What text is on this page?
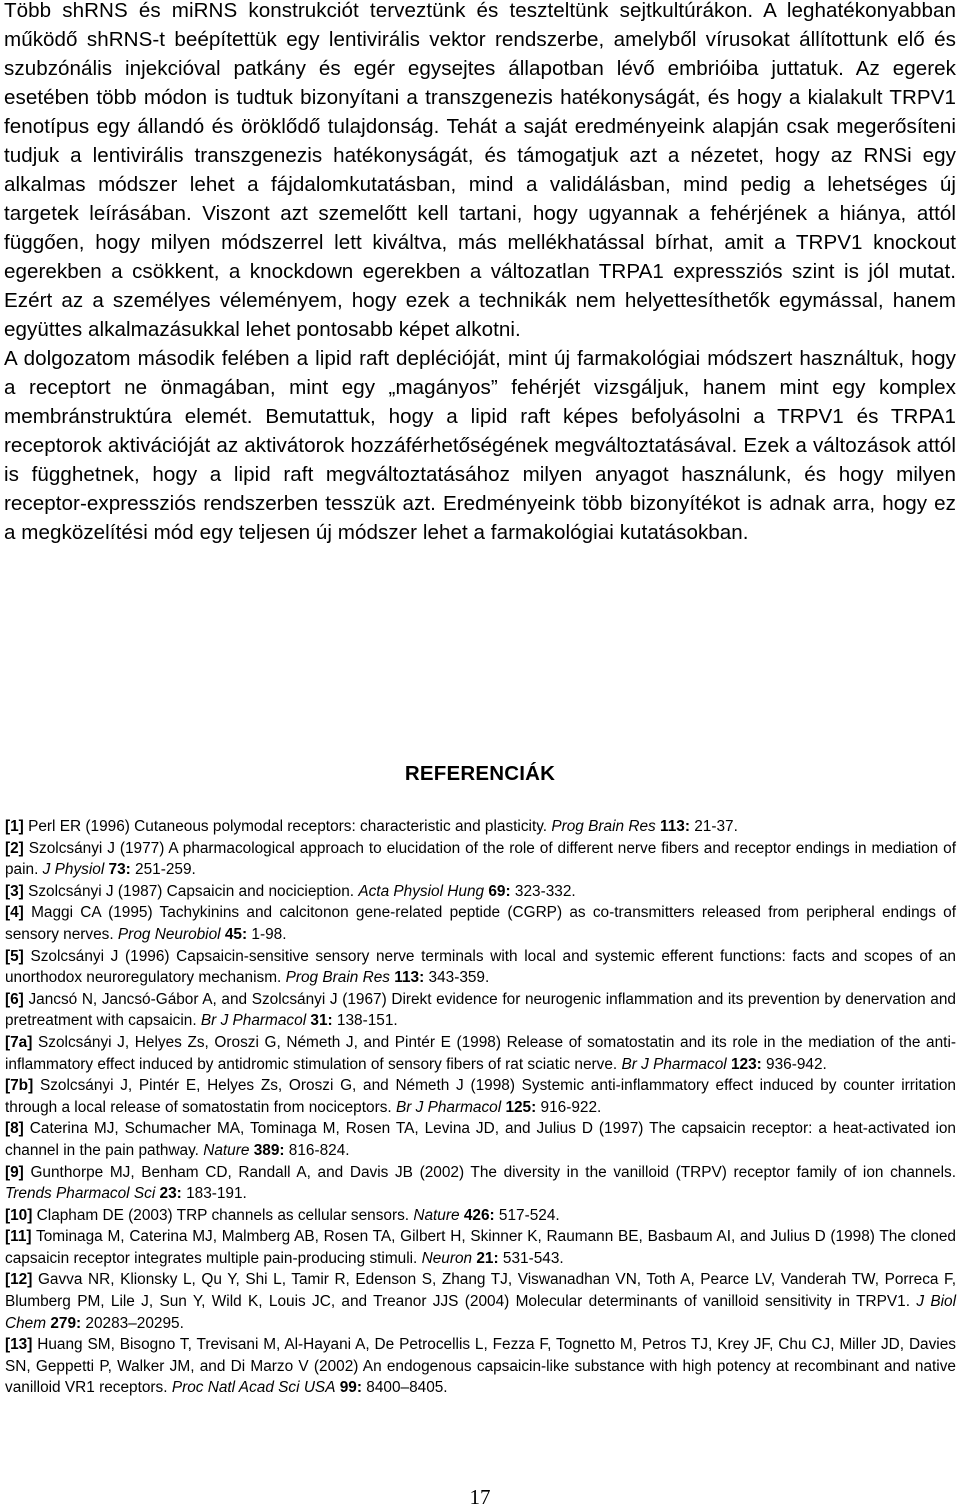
Több shRNS és miRNS konstrukciót terveztünk és teszteltünk sejtkultúrákon. A leghatékonyabban működő shRNS-t beépítettük egy lentivirális vektor rendszerbe, amelyből vírusokat állítottunk elő és szubzónális injekcióval patkány és egér egysejtes állapotban lévő embrióiba juttatuk. Az egerek esetében több módon is tudtuk bizonyítani a transzgenezis hatékonyságát, és hogy a kialakult TRPV1 fenotípus egy állandó és öröklődő tulajdonság. Tehát a saját eredményeink alapján csak megerősíteni tudjuk a lentivirális transzgenezis hatékonyságát, és támogatjuk azt a nézetet, hogy az RNSi egy alkalmas módszer lehet a fájdalomkutatásban, mind a validálásban, mind pedig a lehetséges új targetek leírásában. Viszont azt szemelőtt kell tartani, hogy ugyannak a fehérjének a hiánya, attól függően, hogy milyen módszerrel lett kiváltva, más mellékhatással bírhat, amit a TRPV1 knockout egerekben a csökkent, a knockdown egerekben a változatlan TRPA1 expressziós szint is jól mutat. Ezért az a személyes véleményem, hogy ezek a technikák nem helyettesíthetők egymással, hanem együttes alkalmazásukkal lehet pontosabb képet alkotni.

A dolgozatom második felében a lipid raft deplécióját, mint új farmakológiai módszert használtuk, hogy a receptort ne önmagában, mint egy „magányos” fehérjét vizsgáljuk, hanem mint egy komplex membránstruktúra elemét. Bemutattuk, hogy a lipid raft képes befolyásolni a TRPV1 és TRPA1 receptorok aktivációját az aktivátorok hozzáférhetőségének megváltoztatásával. Ezek a változások attól is függhetnek, hogy a lipid raft megváltoztatásához milyen anyagot használunk, és hogy milyen receptor-expressziós rendszerben tesszük azt. Eredményeink több bizonyítékot is adnak arra, hogy ez a megközelítési mód egy teljesen új módszer lehet a farmakológiai kutatásokban.

REFERENCIÁK

[1] Perl ER (1996) Cutaneous polymodal receptors: characteristic and plasticity. Prog Brain Res 113: 21-37.

[2] Szolcsányi J (1977) A pharmacological approach to elucidation of the role of different nerve fibers and receptor endings in mediation of pain. J Physiol 73: 251-259.

[3] Szolcsányi J (1987) Capsaicin and nocicieption. Acta Physiol Hung 69: 323-332.

[4] Maggi CA (1995) Tachykinins and calcitonon gene-related peptide (CGRP) as co-transmitters released from peripheral endings of sensory nerves. Prog Neurobiol 45: 1-98.

[5] Szolcsányi J (1996) Capsaicin-sensitive sensory nerve terminals with local and systemic efferent functions: facts and scopes of an unorthodox neuroregulatory mechanism. Prog Brain Res 113: 343-359.

[6] Jancsó N, Jancsó-Gábor A, and Szolcsányi J (1967) Direkt evidence for neurogenic inflammation and its prevention by denervation and pretreatment with capsaicin. Br J Pharmacol 31: 138-151.

[7a] Szolcsányi J, Helyes Zs, Oroszi G, Németh J, and Pintér E (1998) Release of somatostatin and its role in the mediation of the anti-inflammatory effect induced by antidromic stimulation of sensory fibers of rat sciatic nerve. Br J Pharmacol 123: 936-942.

[7b] Szolcsányi J, Pintér E, Helyes Zs, Oroszi G, and Németh J (1998) Systemic anti-inflammatory effect induced by counter irritation through a local release of somatostatin from nociceptors. Br J Pharmacol 125: 916-922.

[8] Caterina MJ, Schumacher MA, Tominaga M, Rosen TA, Levina JD, and Julius D (1997) The capsaicin receptor: a heat-activated ion channel in the pain pathway. Nature 389: 816-824.

[9] Gunthorpe MJ, Benham CD, Randall A, and Davis JB (2002) The diversity in the vanilloid (TRPV) receptor family of ion channels. Trends Pharmacol Sci 23: 183-191.

[10] Clapham DE (2003) TRP channels as cellular sensors. Nature 426: 517-524.

[11] Tominaga M, Caterina MJ, Malmberg AB, Rosen TA, Gilbert H, Skinner K, Raumann BE, Basbaum AI, and Julius D (1998) The cloned capsaicin receptor integrates multiple pain-producing stimuli. Neuron 21: 531-543.

[12] Gavva NR, Klionsky L, Qu Y, Shi L, Tamir R, Edenson S, Zhang TJ, Viswanadhan VN, Toth A, Pearce LV, Vanderah TW, Porreca F, Blumberg PM, Lile J, Sun Y, Wild K, Louis JC, and Treanor JJS (2004) Molecular determinants of vanilloid sensitivity in TRPV1. J Biol Chem 279: 20283–20295.

[13] Huang SM, Bisogno T, Trevisani M, Al-Hayani A, De Petrocellis L, Fezza F, Tognetto M, Petros TJ, Krey JF, Chu CJ, Miller JD, Davies SN, Geppetti P, Walker JM, and Di Marzo V (2002) An endogenous capsaicin-like substance with high potency at recombinant and native vanilloid VR1 receptors. Proc Natl Acad Sci USA 99: 8400–8405.

17
